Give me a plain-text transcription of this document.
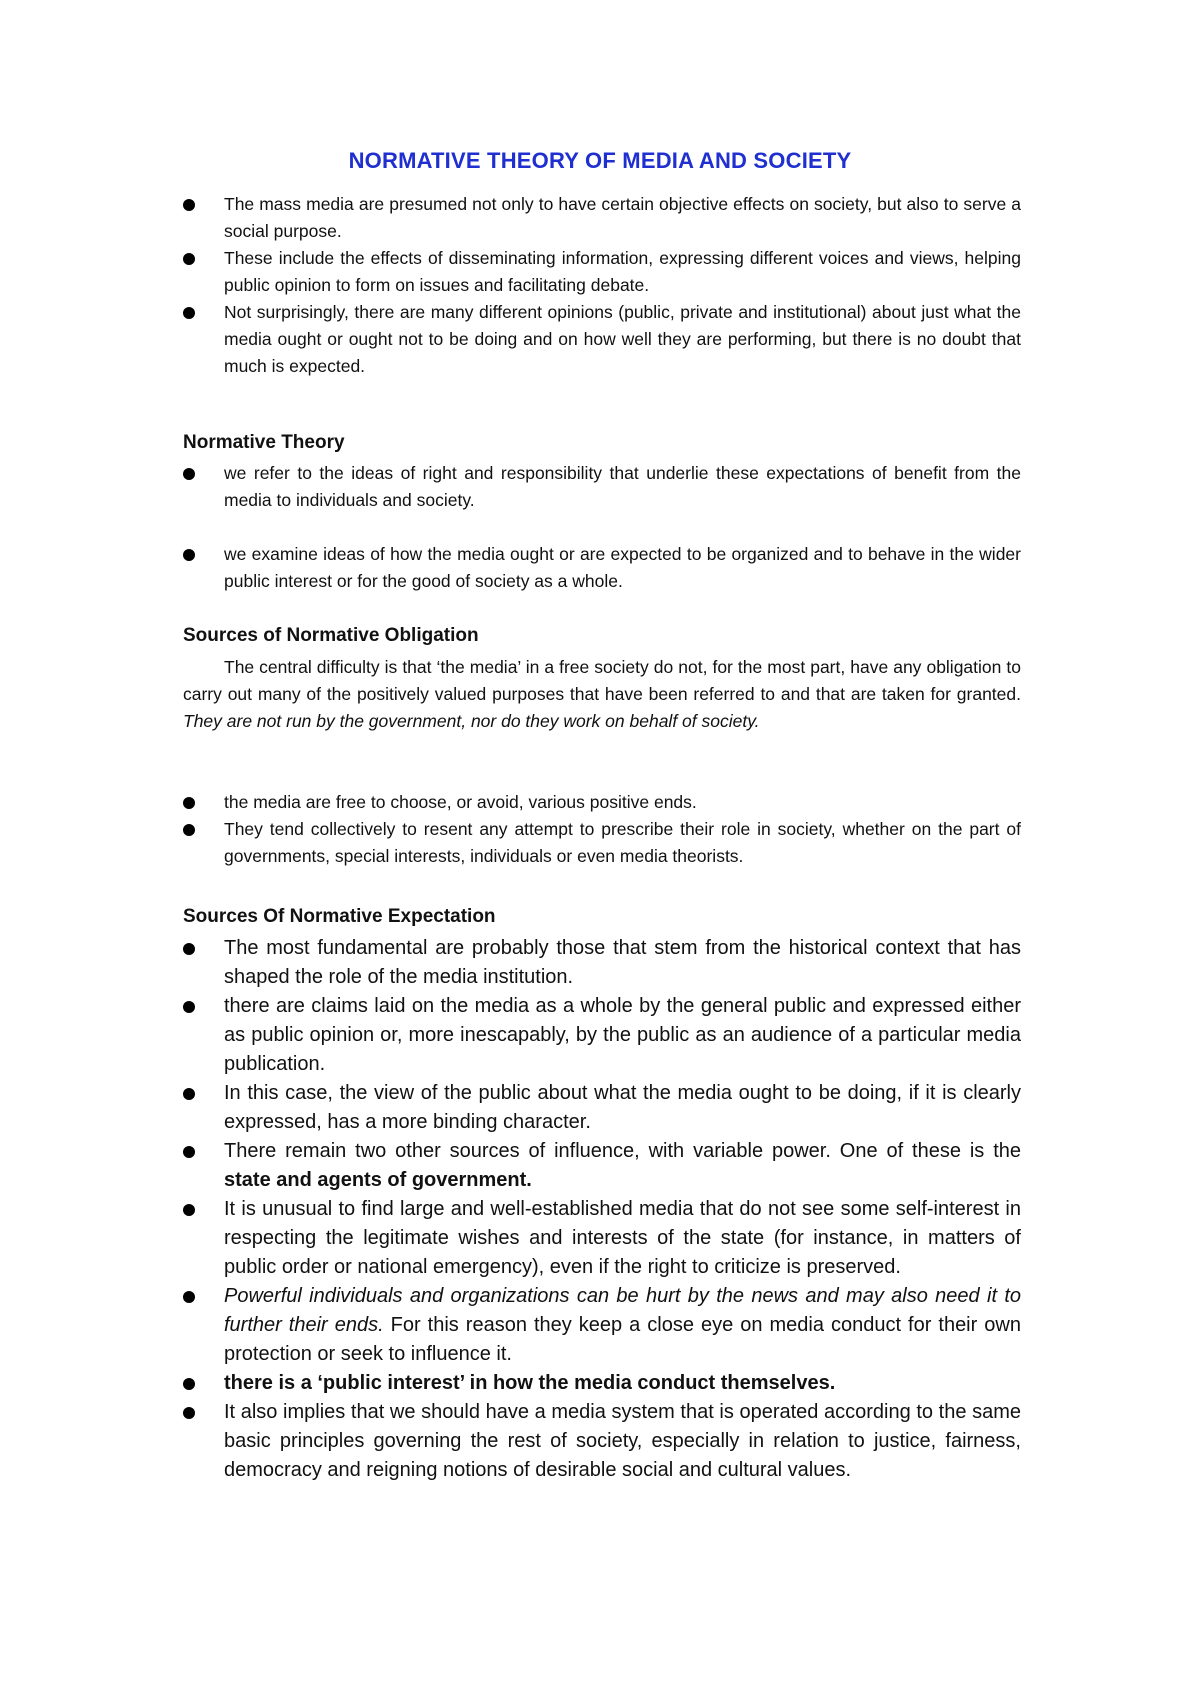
NORMATIVE THEORY OF MEDIA AND SOCIETY
The mass media are presumed not only to have certain objective effects on society, but also to serve a social purpose.
These include the effects of disseminating information, expressing different voices and views, helping public opinion to form on issues and facilitating debate.
Not surprisingly, there are many different opinions (public, private and institutional) about just what the media ought or ought not to be doing and on how well they are performing, but there is no doubt that much is expected.
Normative Theory
we refer to the ideas of right and responsibility that underlie these expectations of benefit from the media to individuals and society.
we examine ideas of how the media ought or are expected to be organized and to behave in the wider public interest or for the good of society as a whole.
Sources of Normative Obligation
The central difficulty is that ‘the media’ in a free society do not, for the most part, have any obligation to carry out many of the positively valued purposes that have been referred to and that are taken for granted. They are not run by the government, nor do they work on behalf of society.
the media are free to choose, or avoid, various positive ends.
They tend collectively to resent any attempt to prescribe their role in society, whether on the part of governments, special interests, individuals or even media theorists.
Sources Of Normative Expectation
The most fundamental are probably those that stem from the historical context that has shaped the role of the media institution.
there are claims laid on the media as a whole by the general public and expressed either as public opinion or, more inescapably, by the public as an audience of a particular media publication.
In this case, the view of the public about what the media ought to be doing, if it is clearly expressed, has a more binding character.
There remain two other sources of influence, with variable power. One of these is the state and agents of government.
It is unusual to find large and well-established media that do not see some self-interest in respecting the legitimate wishes and interests of the state (for instance, in matters of public order or national emergency), even if the right to criticize is preserved.
Powerful individuals and organizations can be hurt by the news and may also need it to further their ends. For this reason they keep a close eye on media conduct for their own protection or seek to influence it.
there is a ‘public interest’ in how the media conduct themselves.
It also implies that we should have a media system that is operated according to the same basic principles governing the rest of society, especially in relation to justice, fairness, democracy and reigning notions of desirable social and cultural values.
